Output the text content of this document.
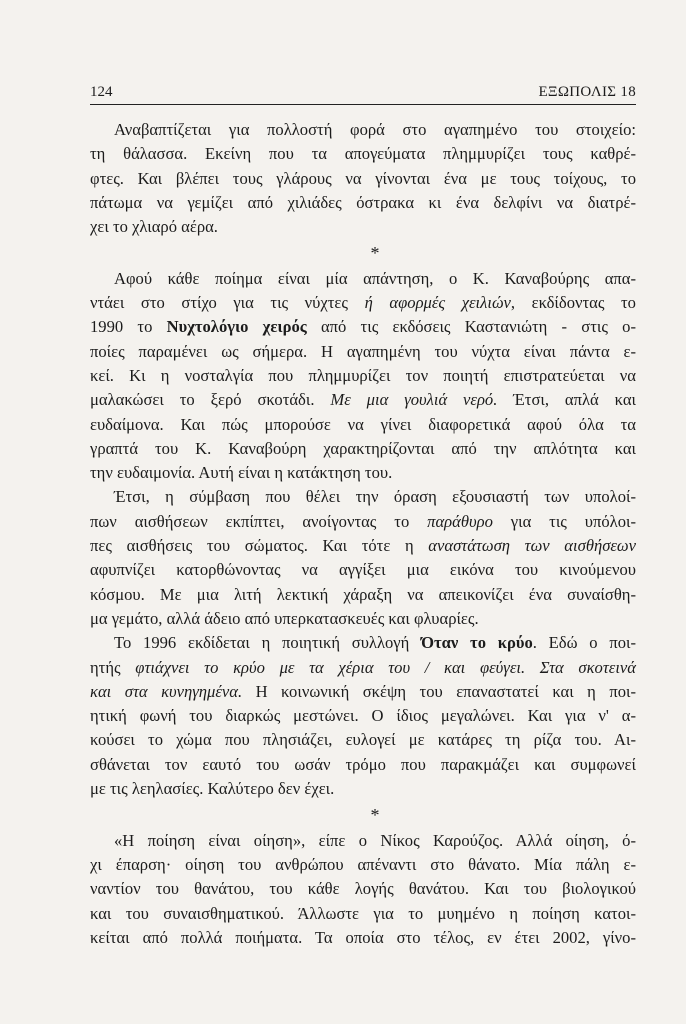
124	ΕΞΩΠΟΛΙΣ 18

Αναβαπτίζεται για πολλοστή φορά στο αγαπημένο του στοιχείο:
τη θάλασσα. Εκείνη που τα απογεύματα πλημμυρίζει τους καθρέ-
φτες. Και βλέπει τους γλάρους να γίνονται ένα με τους τοίχους, το
πάτωμα να γεμίζει από χιλιάδες όστρακα κι ένα δελφίνι να διατρέ-
χει το χλιαρό αέρα.

*

Αφού κάθε ποίημα είναι μία απάντηση, ο Κ. Καναβούρης απα-
ντάει στο στίχο για τις νύχτες ή αφορμές χειλιών, εκδίδοντας το
1990 το Νυχτολόγιο χειρός από τις εκδόσεις Καστανιώτη - στις ο-
ποίες παραμένει ως σήμερα. Η αγαπημένη του νύχτα είναι πάντα ε-
κεί. Κι η νοσταλγία που πλημμυρίζει τον ποιητή επιστρατεύεται να
μαλακώσει το ξερό σκοτάδι. Με μια γουλιά νερό. Έτσι, απλά και
ευδαίμονα. Και πώς μπορούσε να γίνει διαφορετικά αφού όλα τα
γραπτά του Κ. Καναβούρη χαρακτηρίζονται από την απλότητα και
την ευδαιμονία. Αυτή είναι η κατάκτηση του.

Έτσι, η σύμβαση που θέλει την όραση εξουσιαστή των υπολοί-
πων αισθήσεων εκπίπτει, ανοίγοντας το παράθυρο για τις υπόλοι-
πες αισθήσεις του σώματος. Και τότε η αναστάτωση των αισθήσεων
αφυπνίζει κατορθώνοντας να αγγίξει μια εικόνα του κινούμενου
κόσμου. Με μια λιτή λεκτική χάραξη να απεικονίζει ένα συναίσθη-
μα γεμάτο, αλλά άδειο από υπερκατασκευές και φλυαρίες.

Το 1996 εκδίδεται η ποιητική συλλογή Όταν το κρύο. Εδώ ο ποι-
ητής φτιάχνει το κρύο με τα χέρια του / και φεύγει. Στα σκοτεινά
και στα κυνηγημένα. Η κοινωνική σκέψη του επαναστατεί και η ποι-
ητική φωνή του διαρκώς μεστώνει. Ο ίδιος μεγαλώνει. Και για ν' α-
κούσει το χώμα που πλησιάζει, ευλογεί με κατάρες τη ρίζα του. Αι-
σθάνεται τον εαυτό του ωσάν τρόμο που παρακμάζει και συμφωνεί
με τις λεηλασίες. Καλύτερο δεν έχει.

*

«Η ποίηση είναι οίηση», είπε ο Νίκος Καρούζος. Αλλά οίηση, ό-
χι έπαρση· οίηση του ανθρώπου απέναντι στο θάνατο. Μία πάλη ε-
ναντίον του θανάτου, του κάθε λογής θανάτου. Και του βιολογικού
και του συναισθηματικού. Άλλωστε για το μυημένο η ποίηση κατοι-
κείται από πολλά ποιήματα. Τα οποία στο τέλος, εν έτει 2002, γίνο-
